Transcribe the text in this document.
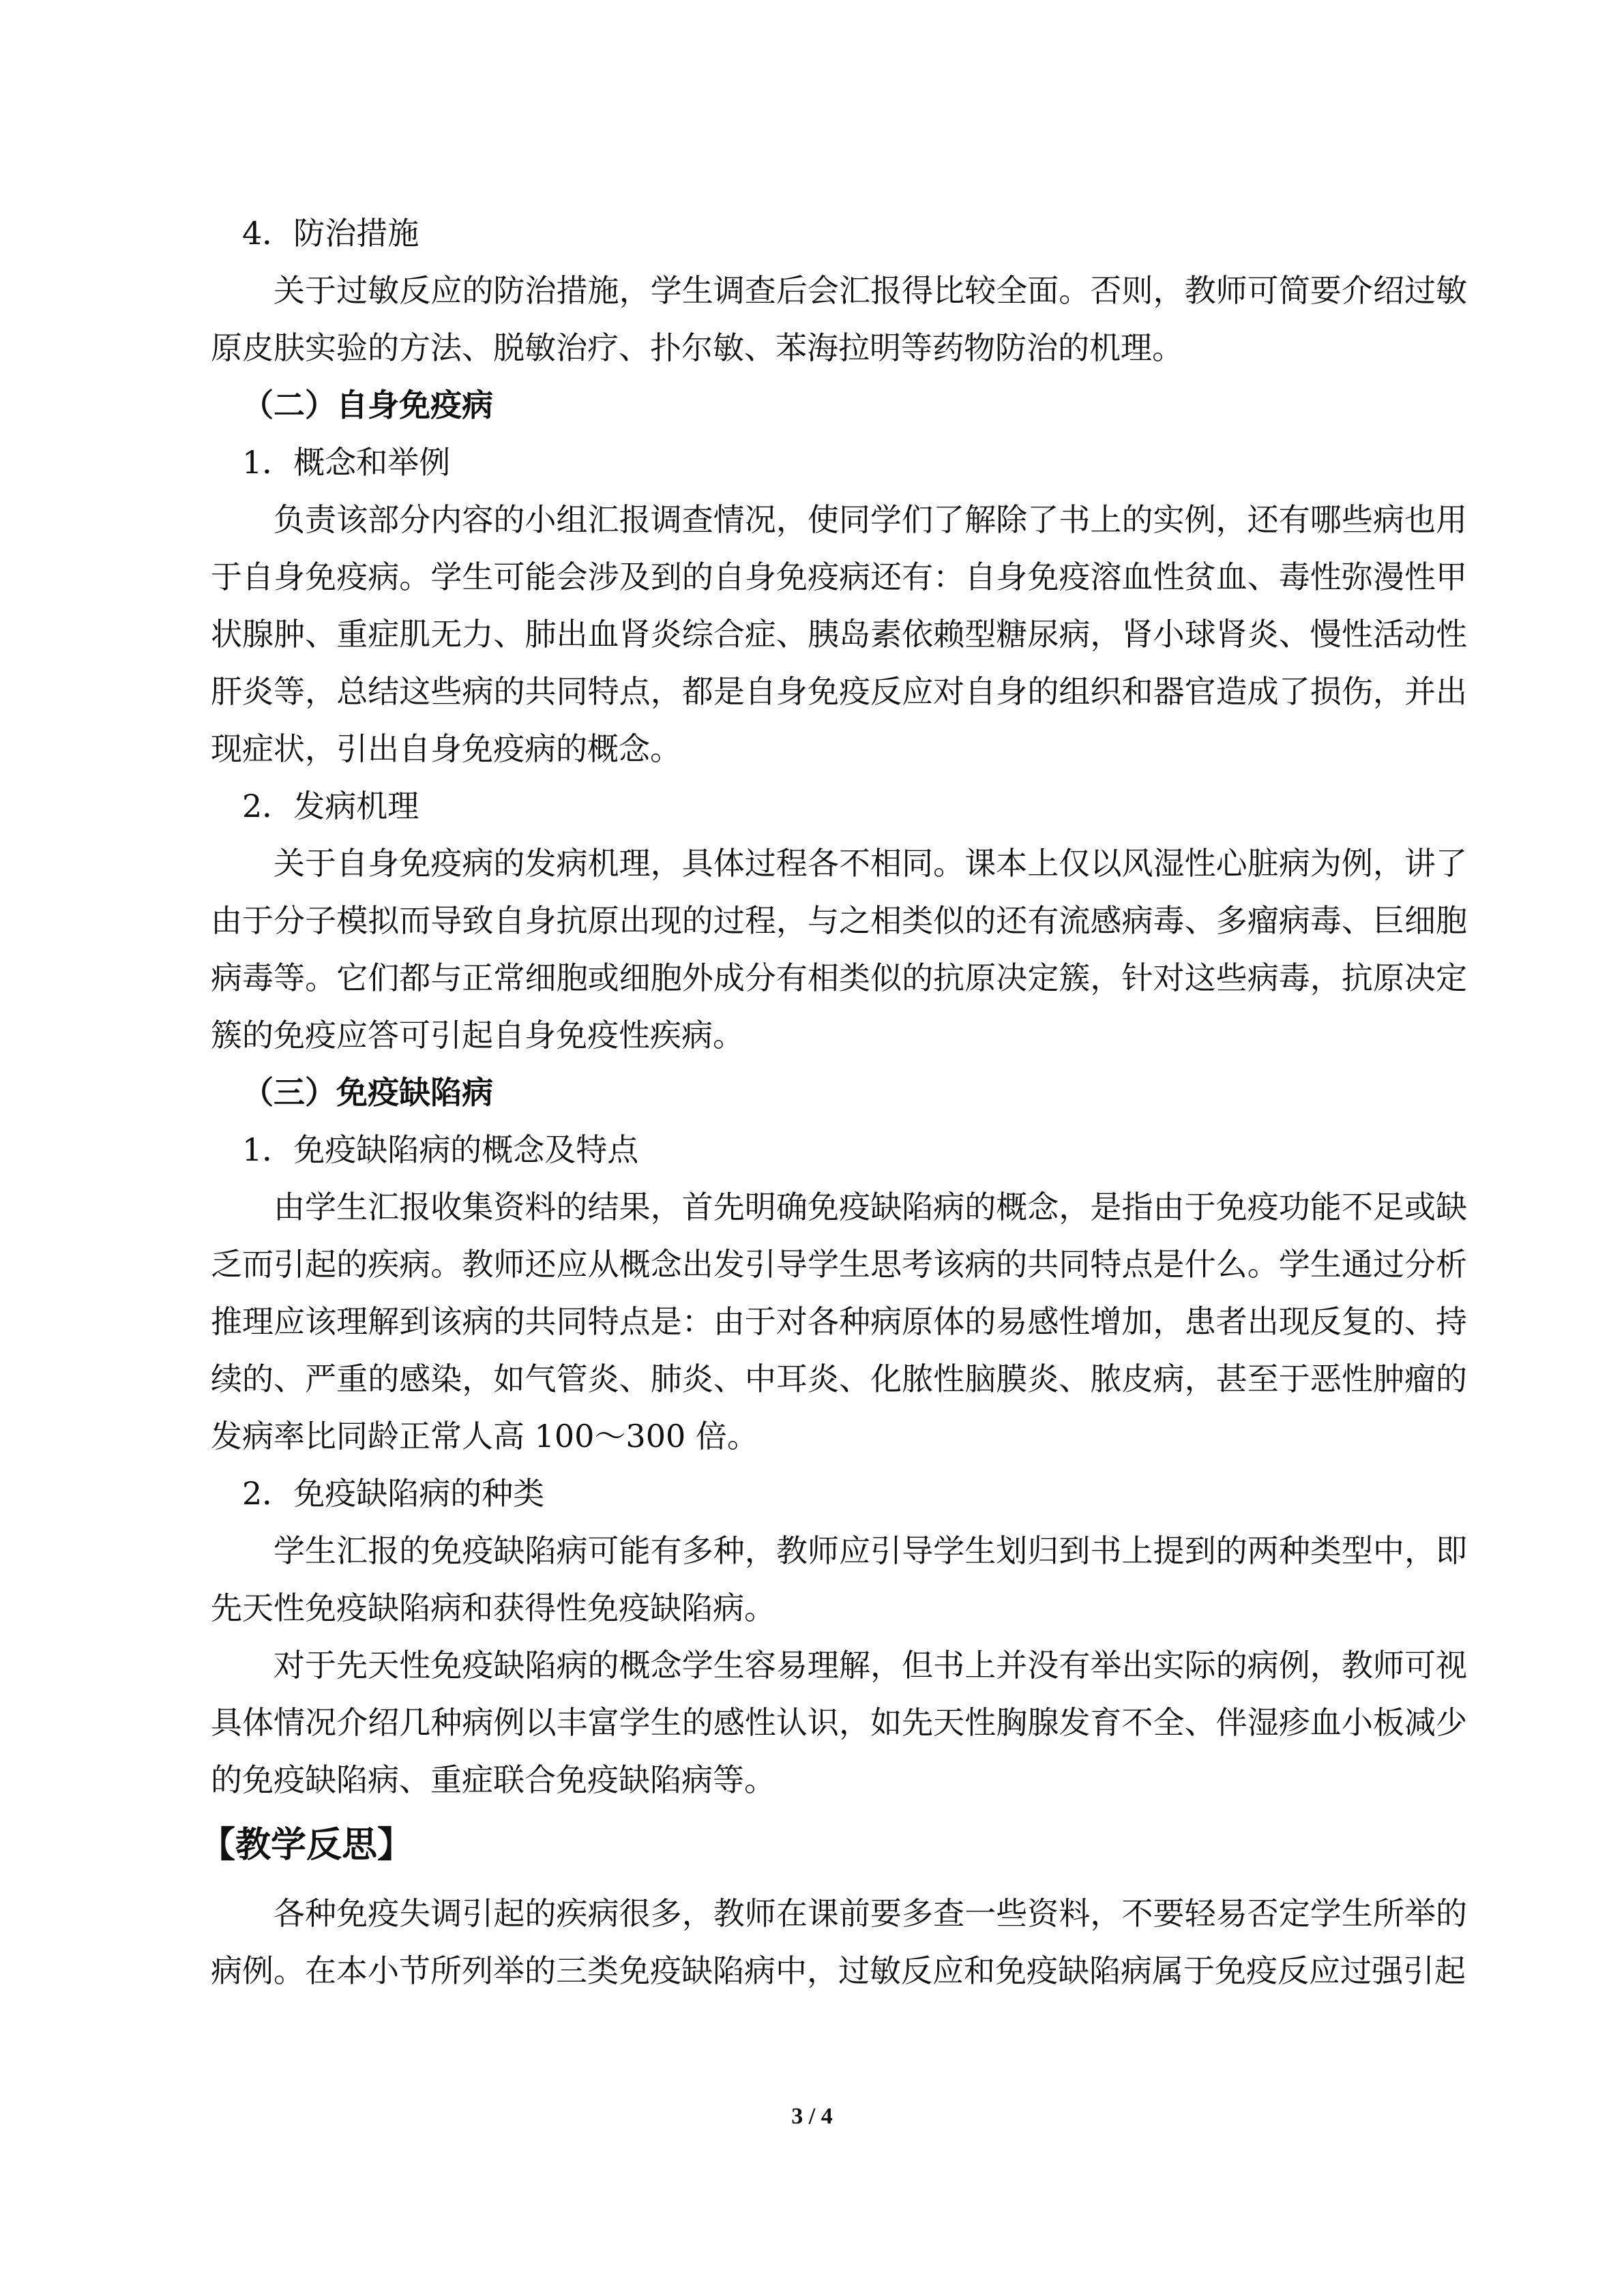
4．防治措施

关于过敏反应的防治措施，学生调查后会汇报得比较全面。否则，教师可简要介绍过敏原皮肤实验的方法、脱敏治疗、扑尔敏、苯海拉明等药物防治的机理。

（二）自身免疫病

1．概念和举例

负责该部分内容的小组汇报调查情况，使同学们了解除了书上的实例，还有哪些病也用于自身免疫病。学生可能会涉及到的自身免疫病还有：自身免疫溶血性贫血、毒性弥漫性甲状腺肿、重症肌无力、肺出血肾炎综合症、胰岛素依赖型糖尿病，肾小球肾炎、慢性活动性肝炎等，总结这些病的共同特点，都是自身免疫反应对自身的组织和器官造成了损伤，并出现症状，引出自身免疫病的概念。

2．发病机理

关于自身免疫病的发病机理，具体过程各不相同。课本上仅以风湿性心脏病为例，讲了由于分子模拟而导致自身抗原出现的过程，与之相类似的还有流感病毒、多瘤病毒、巨细胞病毒等。它们都与正常细胞或细胞外成分有相类似的抗原决定簇，针对这些病毒，抗原决定簇的免疫应答可引起自身免疫性疾病。

（三）免疫缺陷病

1．免疫缺陷病的概念及特点

由学生汇报收集资料的结果，首先明确免疫缺陷病的概念，是指由于免疫功能不足或缺乏而引起的疾病。教师还应从概念出发引导学生思考该病的共同特点是什么。学生通过分析推理应该理解到该病的共同特点是：由于对各种病原体的易感性增加，患者出现反复的、持续的、严重的感染，如气管炎、肺炎、中耳炎、化脓性脑膜炎、脓皮病，甚至于恶性肿瘤的发病率比同龄正常人高 100～300 倍。

2．免疫缺陷病的种类

学生汇报的免疫缺陷病可能有多种，教师应引导学生划归到书上提到的两种类型中，即先天性免疫缺陷病和获得性免疫缺陷病。

对于先天性免疫缺陷病的概念学生容易理解，但书上并没有举出实际的病例，教师可视具体情况介绍几种病例以丰富学生的感性认识，如先天性胸腺发育不全、伴湿疹血小板减少的免疫缺陷病、重症联合免疫缺陷病等。

【教学反思】

各种免疫失调引起的疾病很多，教师在课前要多查一些资料，不要轻易否定学生所举的病例。在本小节所列举的三类免疫缺陷病中，过敏反应和免疫缺陷病属于免疫反应过强引起

3 / 4
